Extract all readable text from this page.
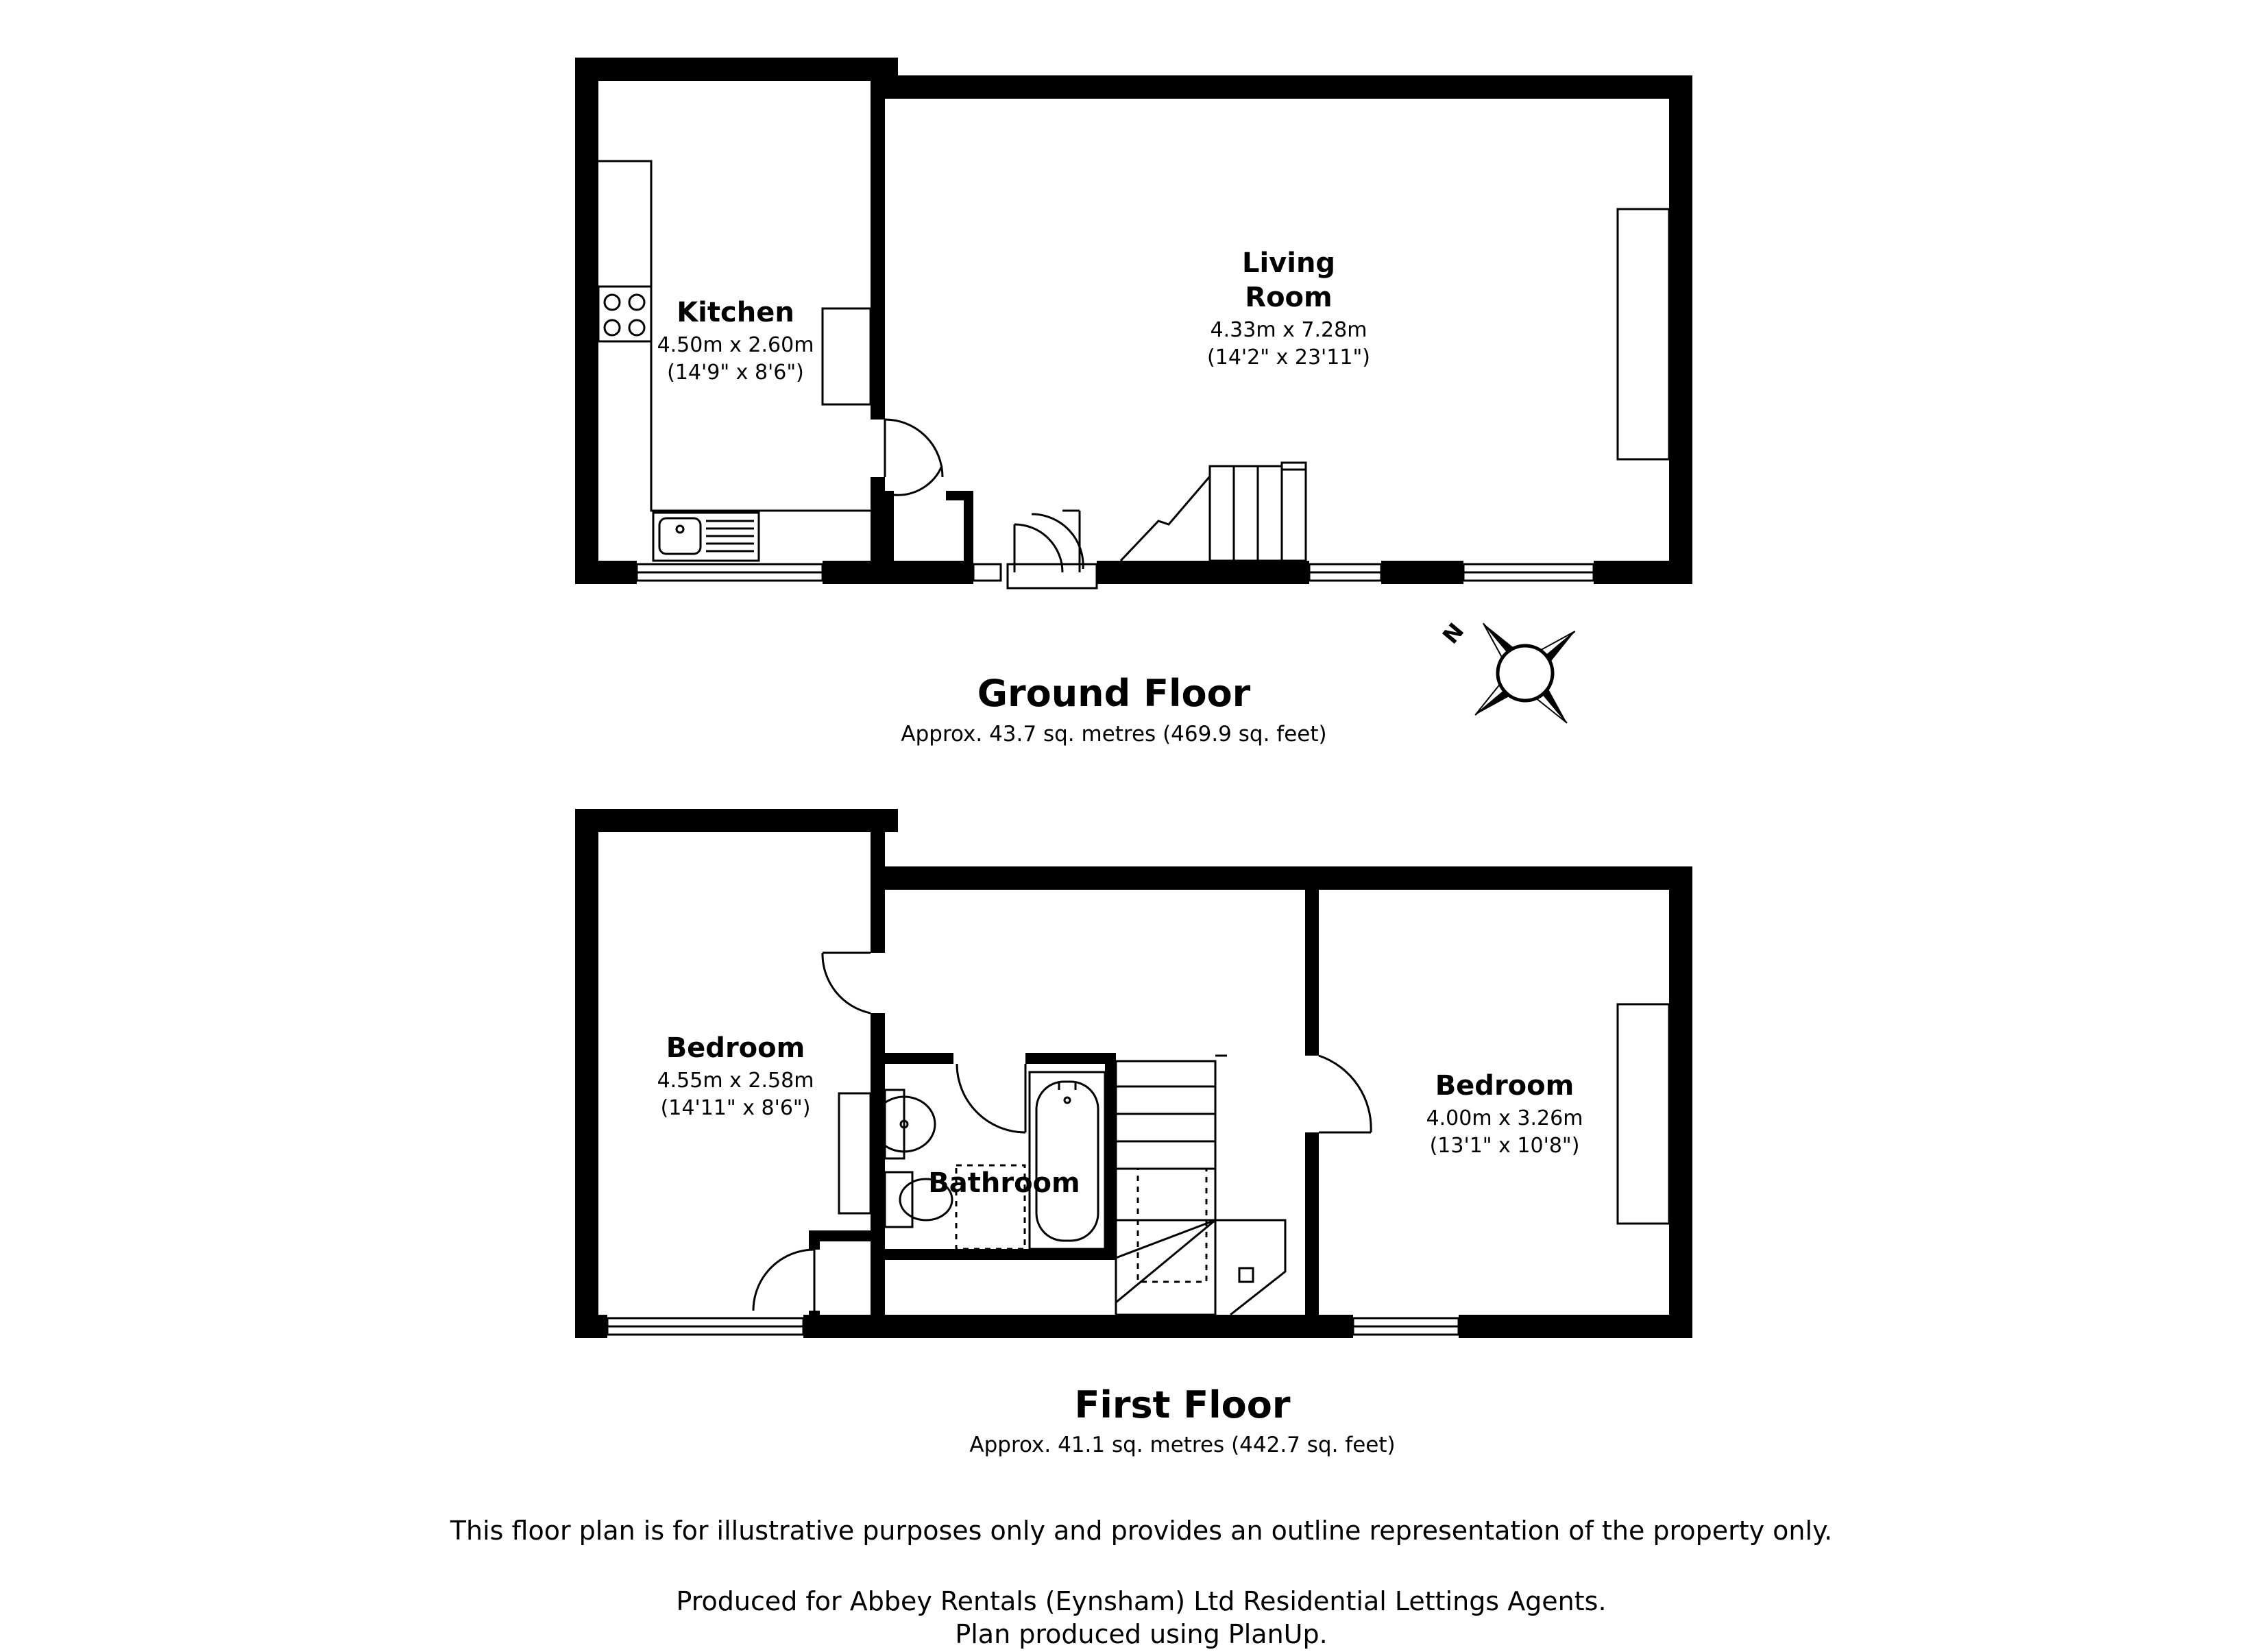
N
Kitchen
4.50m x 2.60m
(14'9" x 8'6")
Living
Room
4.33m x 7.28m
(14'2" x 23'11")
Ground Floor
Approx. 43.7 sq. metres (469.9 sq. feet)
Bedroom
4.55m x 2.58m
(14'11" x 8'6")
Bathroom
Bedroom
4.00m x 3.26m
(13'1" x 10'8")
First Floor
Approx. 41.1 sq. metres (442.7 sq. feet)
This floor plan is for illustrative purposes only and provides an outline representation of the property only.
Produced for Abbey Rentals (Eynsham) Ltd Residential Lettings Agents.
Plan produced using PlanUp.
